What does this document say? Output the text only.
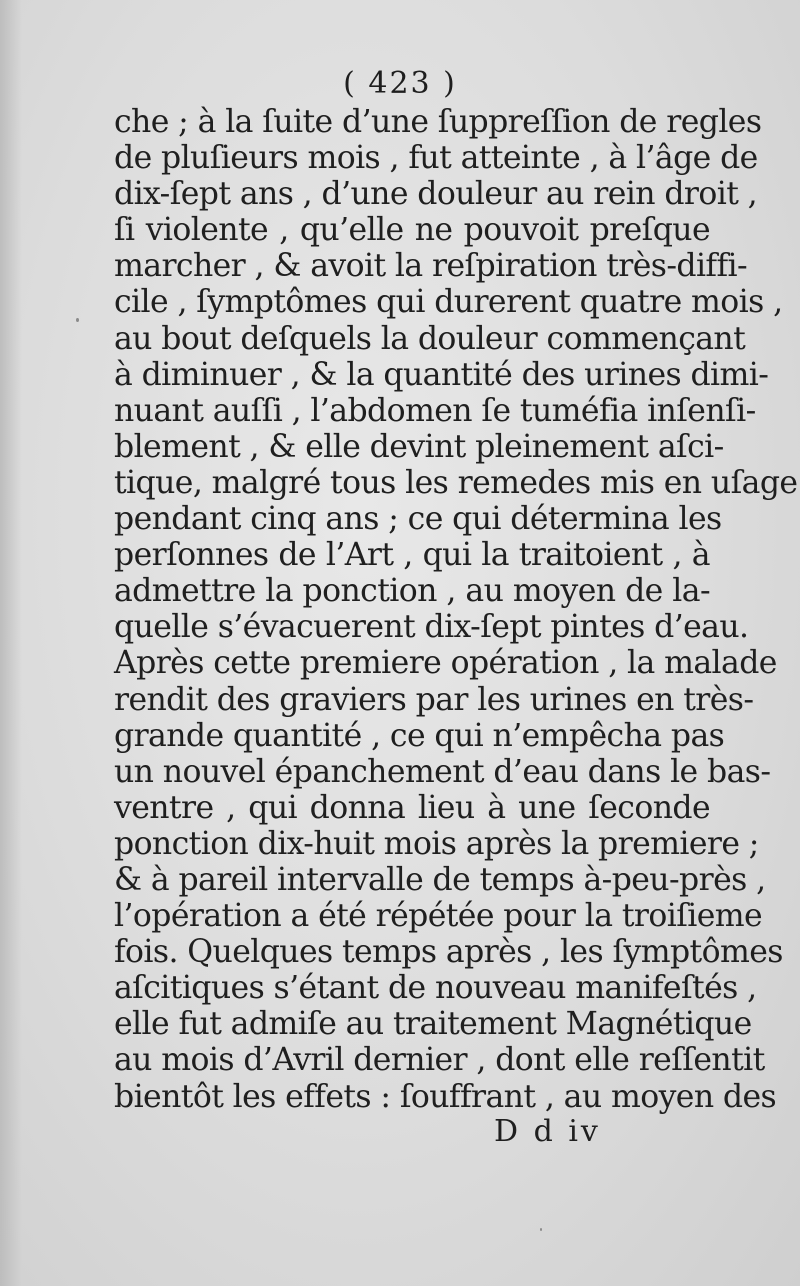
( 423 )
che ; à la ſuite d’une ſuppreſſion de regles
de pluſieurs mois , fut atteinte , à l’âge de
dix-ſept ans , d’une douleur au rein droit ,
ſi violente , qu’elle ne pouvoit preſque
marcher , & avoit la reſpiration très-diffi-
cile , ſymptômes qui durerent quatre mois ,
au bout deſquels la douleur commençant
à diminuer , & la quantité des urines dimi-
nuant auſſi , l’abdomen ſe tuméfia inſenſi-
blement , & elle devint pleinement aſci-
tique, malgré tous les remedes mis en uſage
pendant cinq ans ; ce qui détermina les
perſonnes de l’Art , qui la traitoient , à
admettre la ponction , au moyen de la-
quelle s’évacuerent dix-ſept pintes d’eau.
Après cette premiere opération , la malade
rendit des graviers par les urines en très-
grande quantité , ce qui n’empêcha pas
un nouvel épanchement d’eau dans le bas-
ventre , qui donna lieu à une ſeconde
ponction dix-huit mois après la premiere ;
& à pareil intervalle de temps à-peu-près ,
l’opération a été répétée pour la troiſieme
fois. Quelques temps après , les ſymptômes
aſcitiques s’étant de nouveau manifeſtés ,
elle fut admiſe au traitement Magnétique
au mois d’Avril dernier , dont elle reſſentit
bientôt les effets : ſouffrant , au moyen des
D d iv
